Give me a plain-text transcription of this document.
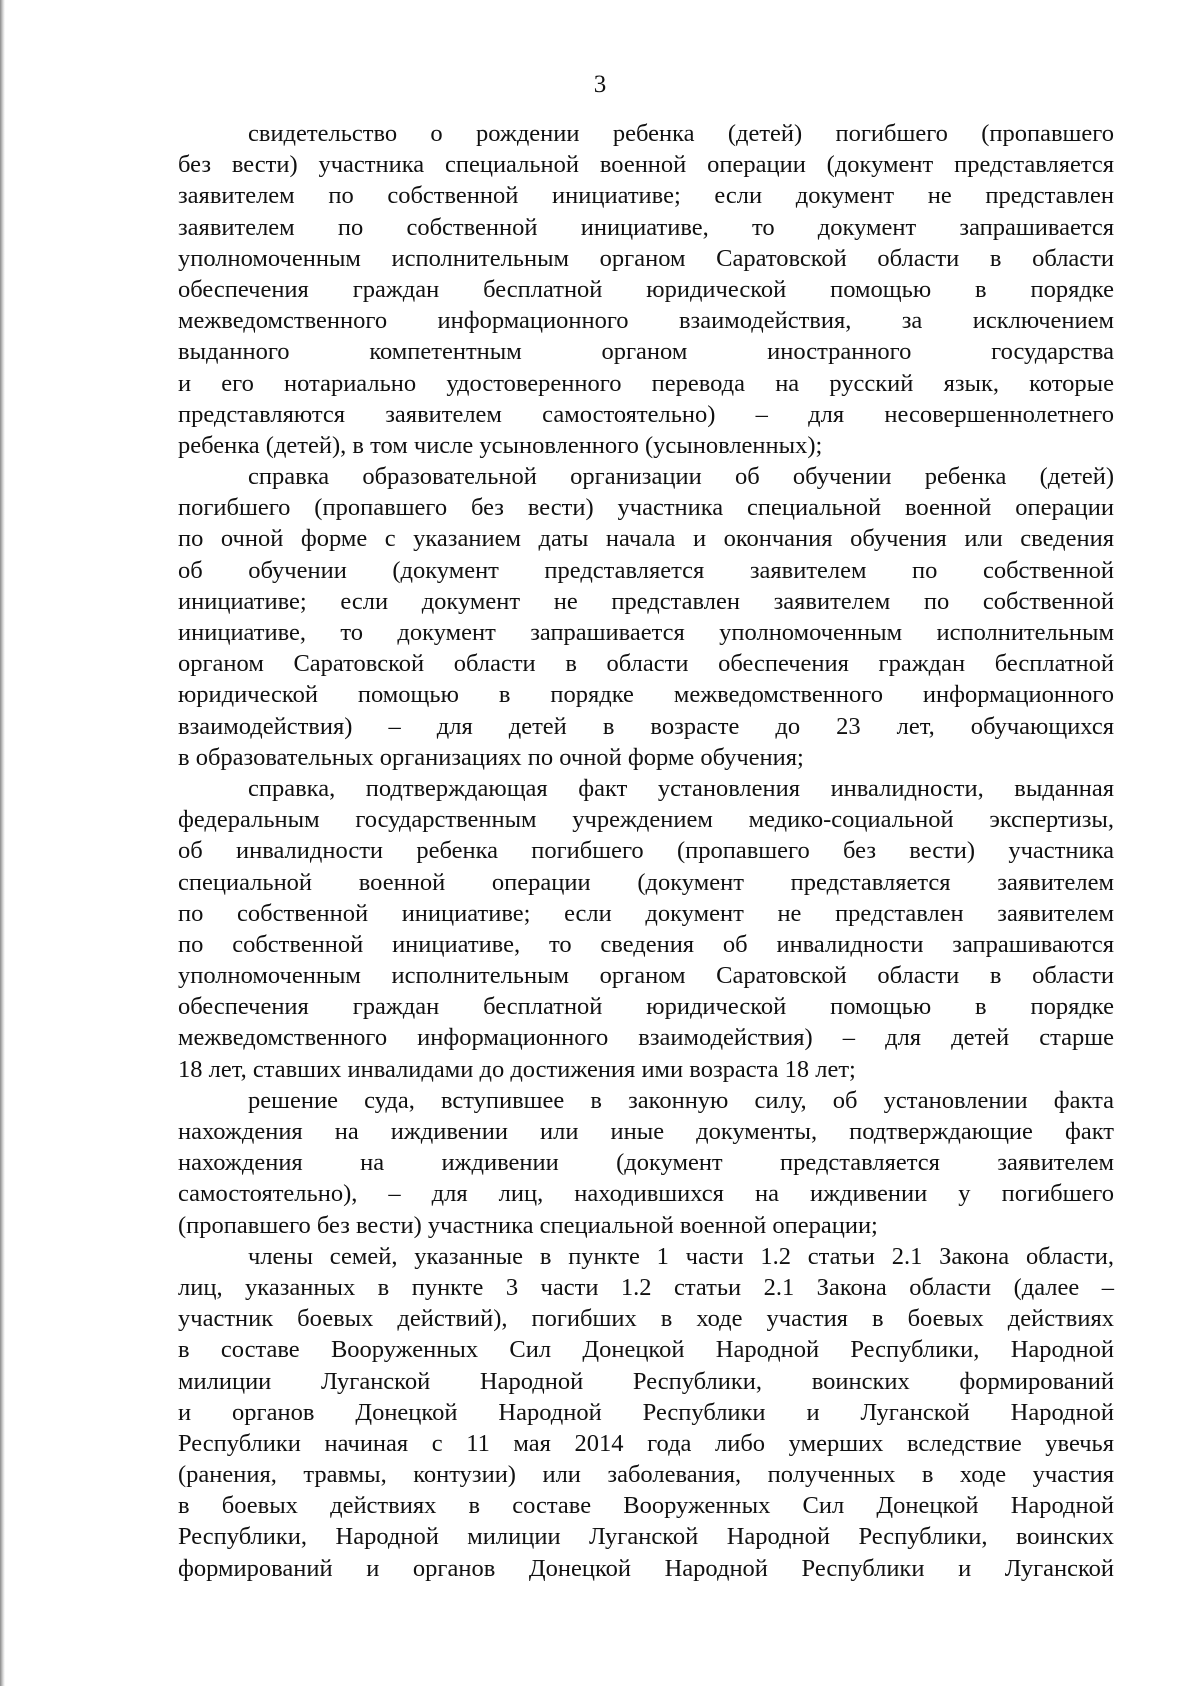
3
свидетельство о рождении ребенка (детей) погибшего (пропавшего
без вести) участника специальной военной операции (документ представляется
заявителем по собственной инициативе; если документ не представлен
заявителем по собственной инициативе, то документ запрашивается
уполномоченным исполнительным органом Саратовской области в области
обеспечения граждан бесплатной юридической помощью в порядке
межведомственного информационного взаимодействия, за исключением
выданного компетентным органом иностранного государства
и его нотариально удостоверенного перевода на русский язык, которые
представляются заявителем самостоятельно) – для несовершеннолетнего
ребенка (детей), в том числе усыновленного (усыновленных);
справка образовательной организации об обучении ребенка (детей)
погибшего (пропавшего без вести) участника специальной военной операции
по очной форме с указанием даты начала и окончания обучения или сведения
об обучении (документ представляется заявителем по собственной
инициативе; если документ не представлен заявителем по собственной
инициативе, то документ запрашивается уполномоченным исполнительным
органом Саратовской области в области обеспечения граждан бесплатной
юридической помощью в порядке межведомственного информационного
взаимодействия) – для детей в возрасте до 23 лет, обучающихся
в образовательных организациях по очной форме обучения;
справка, подтверждающая факт установления инвалидности, выданная
федеральным государственным учреждением медико-социальной экспертизы,
об инвалидности ребенка погибшего (пропавшего без вести) участника
специальной военной операции (документ представляется заявителем
по собственной инициативе; если документ не представлен заявителем
по собственной инициативе, то сведения об инвалидности запрашиваются
уполномоченным исполнительным органом Саратовской области в области
обеспечения граждан бесплатной юридической помощью в порядке
межведомственного информационного взаимодействия) – для детей старше
18 лет, ставших инвалидами до достижения ими возраста 18 лет;
решение суда, вступившее в законную силу, об установлении факта
нахождения на иждивении или иные документы, подтверждающие факт
нахождения на иждивении (документ представляется заявителем
самостоятельно), – для лиц, находившихся на иждивении у погибшего
(пропавшего без вести) участника специальной военной операции;
члены семей, указанные в пункте 1 части 1.2 статьи 2.1 Закона области,
лиц, указанных в пункте 3 части 1.2 статьи 2.1 Закона области (далее –
участник боевых действий), погибших в ходе участия в боевых действиях
в составе Вооруженных Сил Донецкой Народной Республики, Народной
милиции Луганской Народной Республики, воинских формирований
и органов Донецкой Народной Республики и Луганской Народной
Республики начиная с 11 мая 2014 года либо умерших вследствие увечья
(ранения, травмы, контузии) или заболевания, полученных в ходе участия
в боевых действиях в составе Вооруженных Сил Донецкой Народной
Республики, Народной милиции Луганской Народной Республики, воинских
формирований и органов Донецкой Народной Республики и Луганской
